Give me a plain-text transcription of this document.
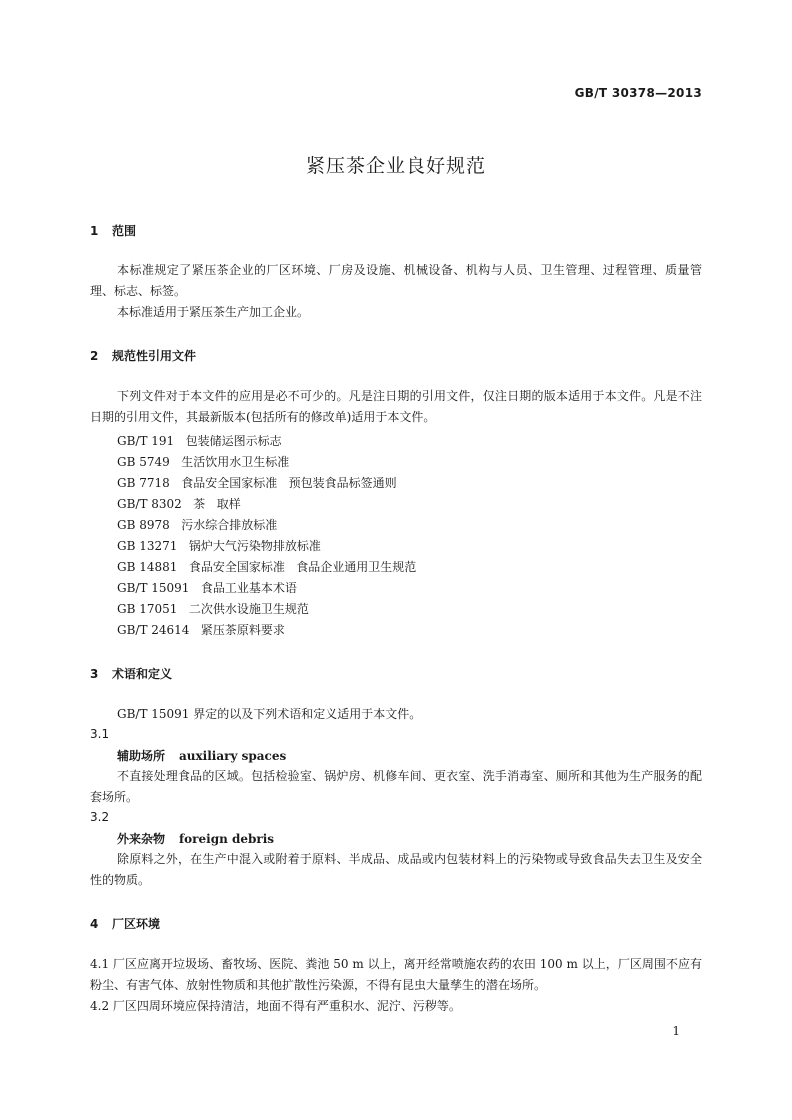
GB/T 30378—2013
紧压茶企业良好规范
1 范围
本标准规定了紧压茶企业的厂区环境、厂房及设施、机械设备、机构与人员、卫生管理、过程管理、质量管理、标志、标签。
本标准适用于紧压茶生产加工企业。
2 规范性引用文件
下列文件对于本文件的应用是必不可少的。凡是注日期的引用文件，仅注日期的版本适用于本文件。凡是不注日期的引用文件，其最新版本(包括所有的修改单)适用于本文件。
GB/T 191   包装储运图示标志
GB 5749   生活饮用水卫生标准
GB 7718   食品安全国家标准   预包装食品标签通则
GB/T 8302   茶   取样
GB 8978   污水综合排放标准
GB 13271   锅炉大气污染物排放标准
GB 14881   食品安全国家标准   食品企业通用卫生规范
GB/T 15091   食品工业基本术语
GB 17051   二次供水设施卫生规范
GB/T 24614   紧压茶原料要求
3 术语和定义
GB/T 15091 界定的以及下列术语和定义适用于本文件。
3.1
辅助场所 auxiliary spaces
不直接处理食品的区域。包括检验室、锅炉房、机修车间、更衣室、洗手消毒室、厕所和其他为生产服务的配套场所。
3.2
外来杂物 foreign debris
除原料之外，在生产中混入或附着于原料、半成品、成品或内包装材料上的污染物或导致食品失去卫生及安全性的物质。
4 厂区环境
4.1 厂区应离开垃圾场、畜牧场、医院、粪池 50 m 以上，离开经常喷施农药的农田 100 m 以上，厂区周围不应有粉尘、有害气体、放射性物质和其他扩散性污染源，不得有昆虫大量孳生的潜在场所。
4.2 厂区四周环境应保持清洁，地面不得有严重积水、泥泞、污秽等。
1
